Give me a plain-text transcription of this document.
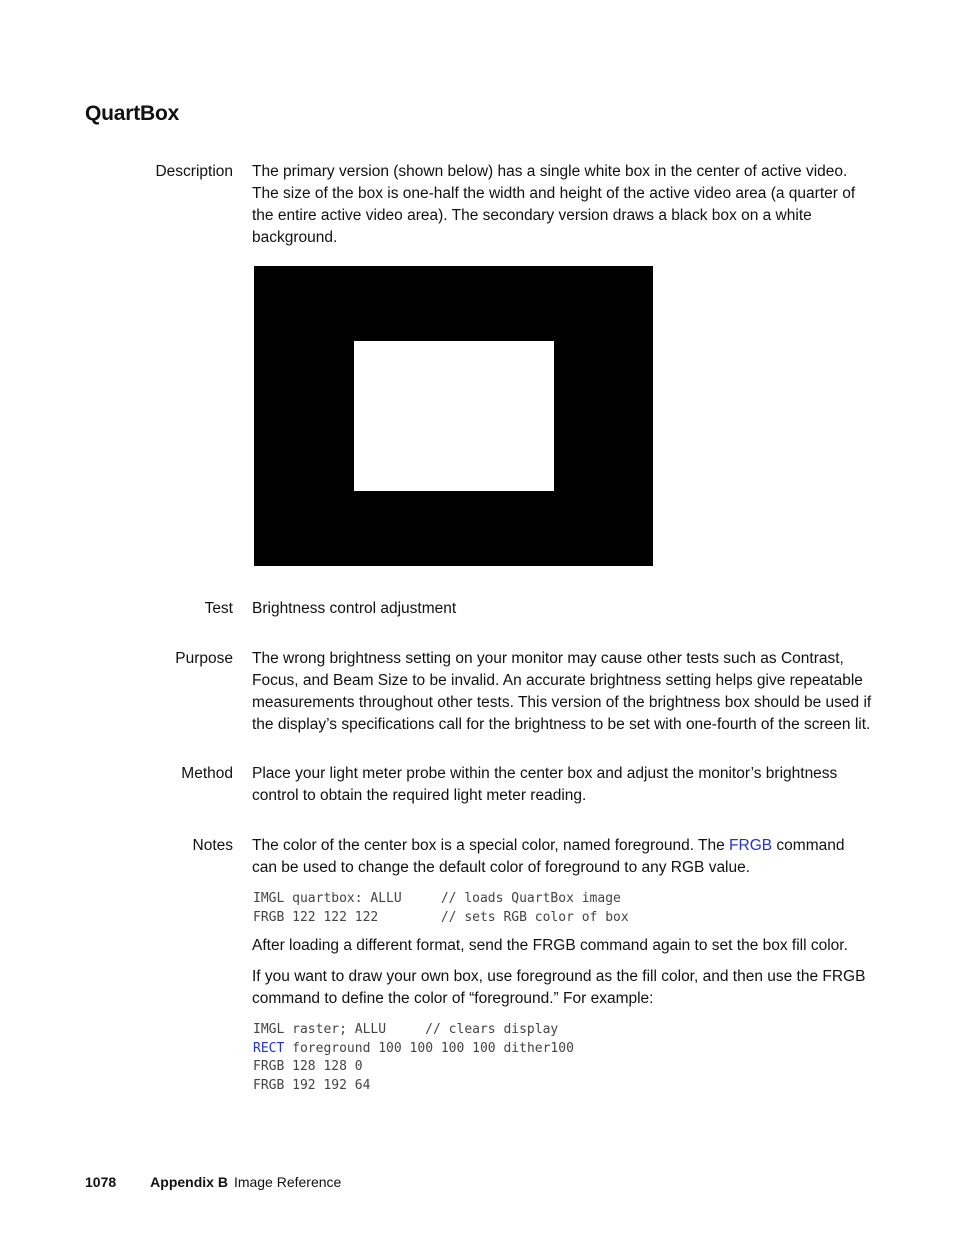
QuartBox
Description The primary version (shown below) has a single white box in the center of active video. The size of the box is one-half the width and height of the active video area (a quarter of the entire active video area). The secondary version draws a black box on a white background.
Test Brightness control adjustment
Purpose The wrong brightness setting on your monitor may cause other tests such as Contrast, Focus, and Beam Size to be invalid. An accurate brightness setting helps give repeatable measurements throughout other tests. This version of the brightness box should be used if the display’s specifications call for the brightness to be set with one-fourth of the screen lit.
Method Place your light meter probe within the center box and adjust the monitor’s brightness control to obtain the required light meter reading.
Notes The color of the center box is a special color, named foreground. The FRGB command can be used to change the default color of foreground to any RGB value.
IMGL quartbox: ALLU     // loads QuartBox image
FRGB 122 122 122        // sets RGB color of box
After loading a different format, send the FRGB command again to set the box fill color.
If you want to draw your own box, use foreground as the fill color, and then use the FRGB command to define the color of “foreground.” For example:
IMGL raster; ALLU     // clears display
RECT foreground 100 100 100 100 dither100
FRGB 128 128 0
FRGB 192 192 64
1078 Appendix B Image Reference
